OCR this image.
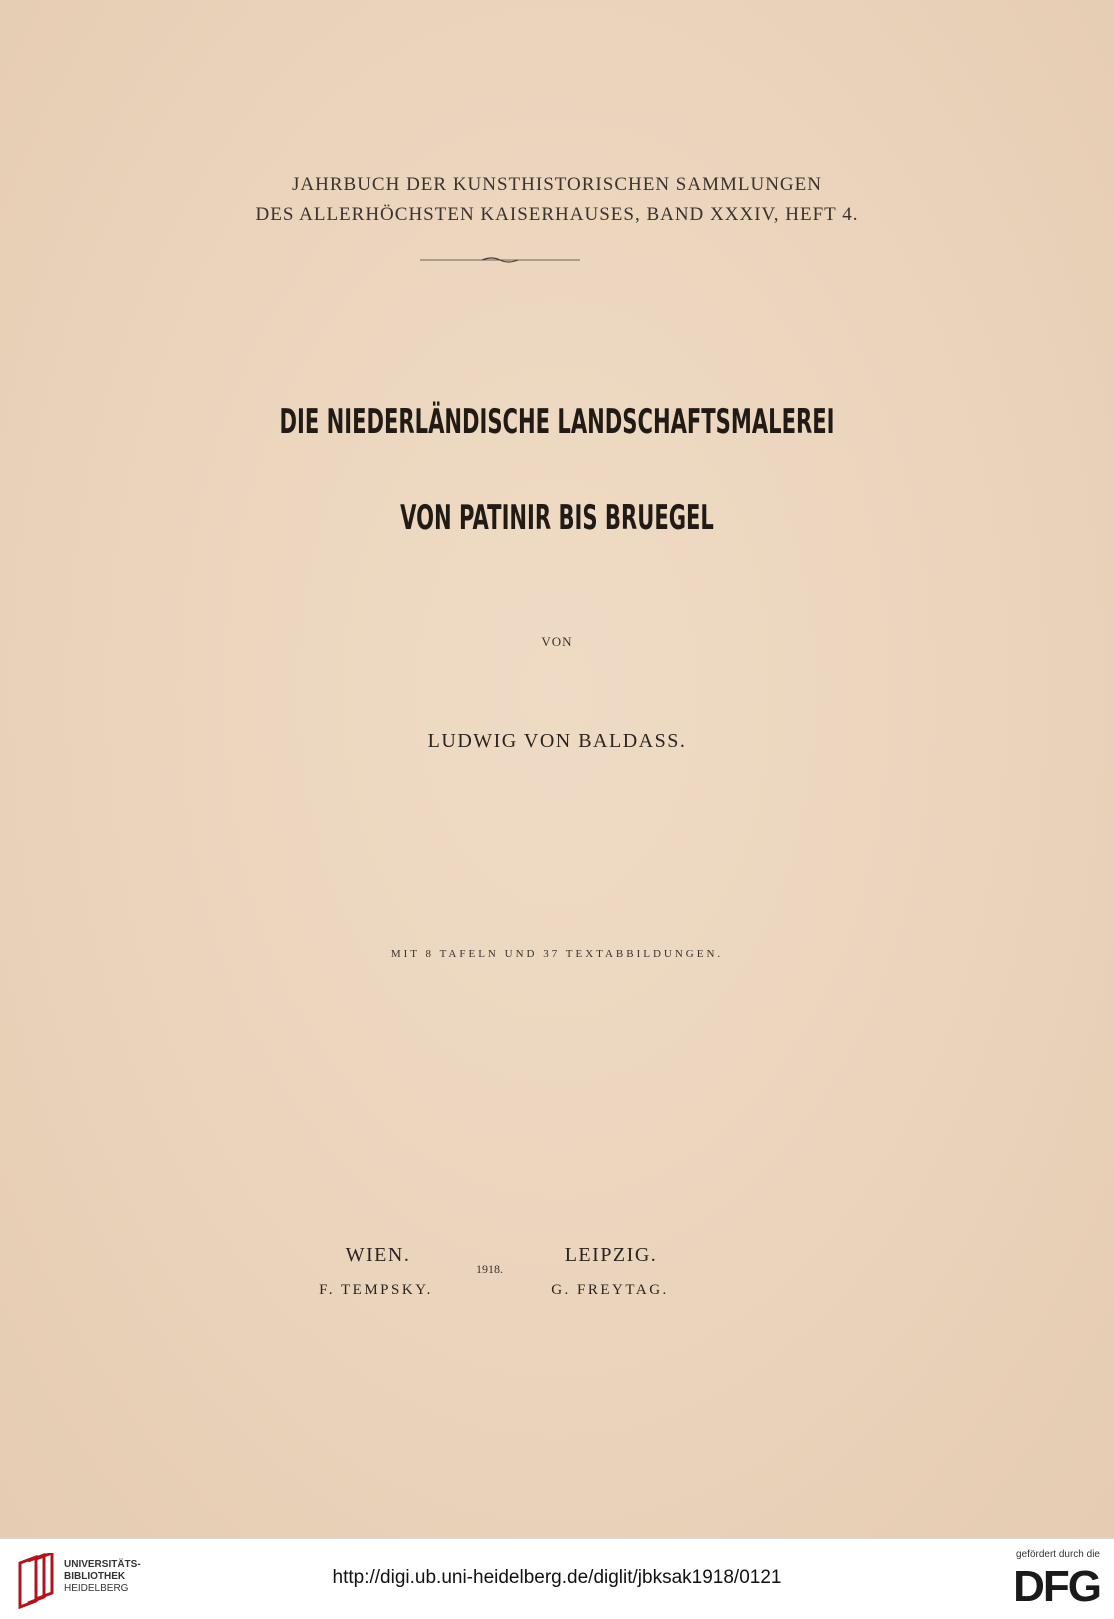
JAHRBUCH DER KUNSTHISTORISCHEN SAMMLUNGEN
DES ALLERHÖCHSTEN KAISERHAUSES, BAND XXXIV, HEFT 4.
DIE NIEDERLÄNDISCHE LANDSCHAFTSMALEREI
VON PATINIR BIS BRUEGEL
VON
LUDWIG VON BALDASS.
MIT 8 TAFELN UND 37 TEXTABBILDUNGEN.
WIEN.
F. TEMPSKY.
1918.
LEIPZIG.
G. FREYTAG.
UNIVERSITÄTS-
BIBLIOTHEK
HEIDELBERG
http://digi.ub.uni-heidelberg.de/diglit/jbksak1918/0121
gefördert durch die
DFG
